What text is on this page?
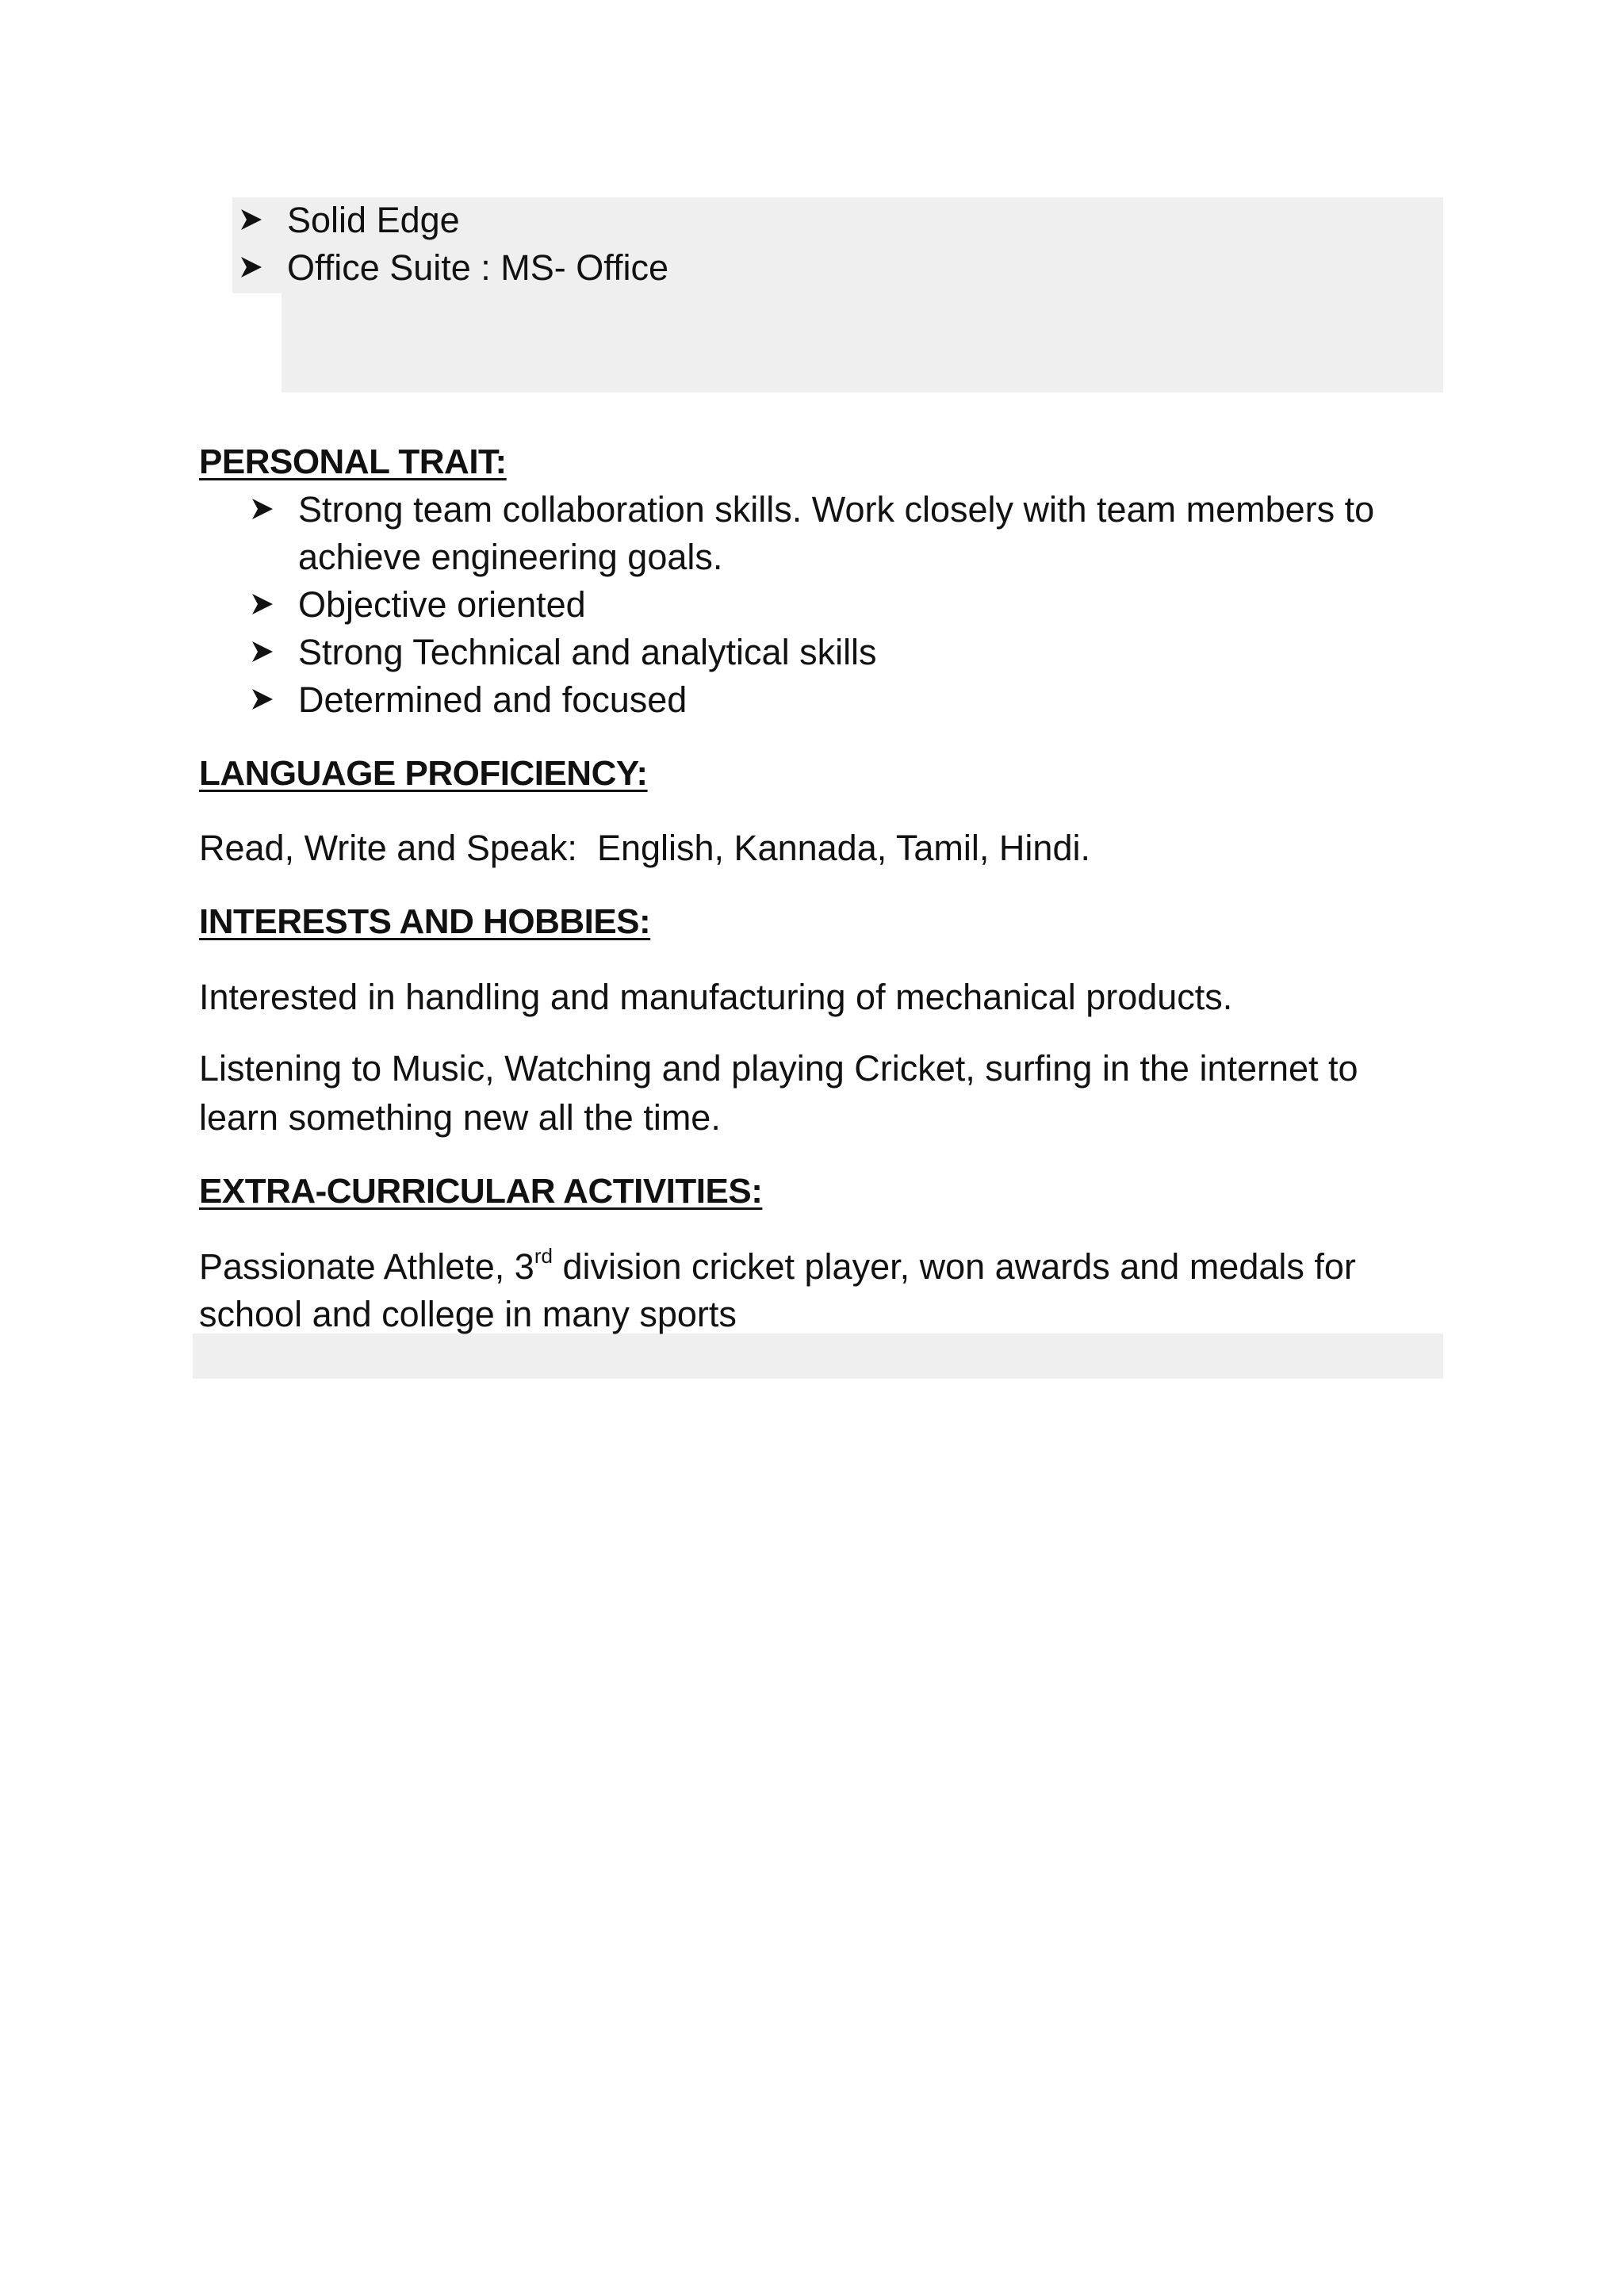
Solid Edge
Office Suite : MS- Office
PERSONAL TRAIT:
Strong team collaboration skills. Work closely with team members to
achieve engineering goals.
Objective oriented
Strong Technical and analytical skills
Determined and focused
LANGUAGE PROFICIENCY:
Read, Write and Speak:  English, Kannada, Tamil, Hindi.
INTERESTS AND HOBBIES:
Interested in handling and manufacturing of mechanical products.
Listening to Music, Watching and playing Cricket, surfing in the internet to
learn something new all the time.
EXTRA-CURRICULAR ACTIVITIES:
Passionate Athlete, 3rd division cricket player, won awards and medals for
school and college in many sports
